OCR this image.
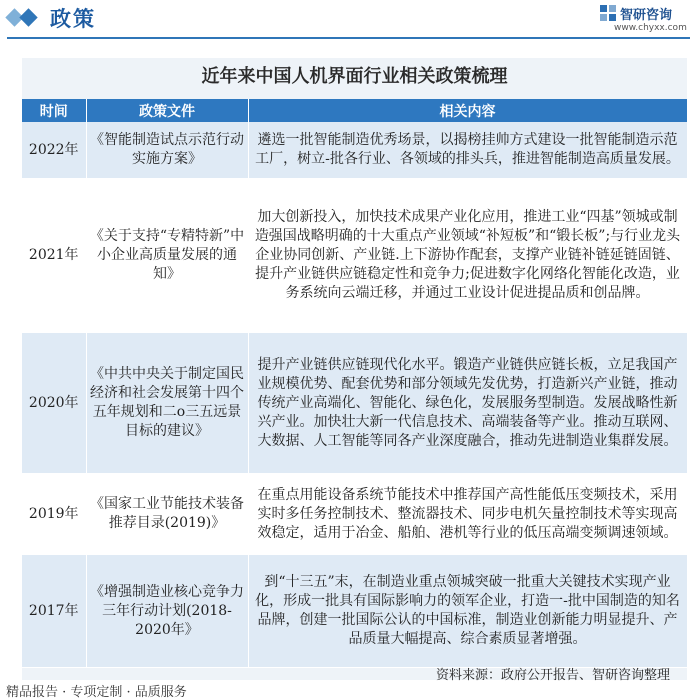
政策	智研咨询
www.chyxx.com
近年来中国人机界面行业相关政策梳理
时间	政策文件	相关内容
2022年	《智能制造试点示范行动实施方案》	遴选一批智能制造优秀场景，以揭榜挂帅方式建设一批智能制造示范工厂，树立-批各行业、各领域的排头兵，推进智能制造高质量发展。
2021年	《关于支持“专精特新”中小企业高质量发展的通知》	加大创新投入，加快技术成果产业化应用，推进工业“四基”领城或制造强国战略明确的十大重点产业领域“补短板”和“锻长板”;与行业龙头企业协同创新、产业链.上下游协作配套，支撑产业链补链延链固链、提升产业链供应链稳定性和竞争力;促进数字化网络化智能化改造，业务系统向云端迁移，并通过工业设计促进提品质和创品牌。
2020年	《中共中央关于制定国民经济和社会发展第十四个五年规划和二o三五远景目标的建议》	提升产业链供应链现代化水平。锻造产业链供应链长板，立足我国产业规模优势、配套优势和部分领域先发优势，打造新兴产业链，推动传统产业高端化、智能化、绿色化，发展服务型制造。发展战略性新兴产业。加快壮大新一代信息技术、高端装备等产业。推动互联网、大数据、人工智能等同各产业深度融合，推动先进制造业集群发展。
2019年	《国家工业节能技术装备推荐目录(2019)》	在重点用能设备系统节能技术中推荐国产高性能低压变频技术，采用实时多任务控制技术、整流器技术、同步电机矢量控制技术等实现高效稳定，适用于冶金、船舶、港机等行业的低压高端变频调速领域。
2017年	《增强制造业核心竞争力三年行动计划(2018-2020年》	到“十三五”末，在制造业重点领城突破一批重大关键技术实现产业化，形成一批具有国际影响力的领军企业，打造一-批中国制造的知名品牌，创建一批国际公认的中国标准，制造业创新能力明显提升、产品质量大幅提高、综合素质显著增强。
资料来源：政府公开报告、智研咨询整理
精品报告 · 专项定制 · 品质服务
